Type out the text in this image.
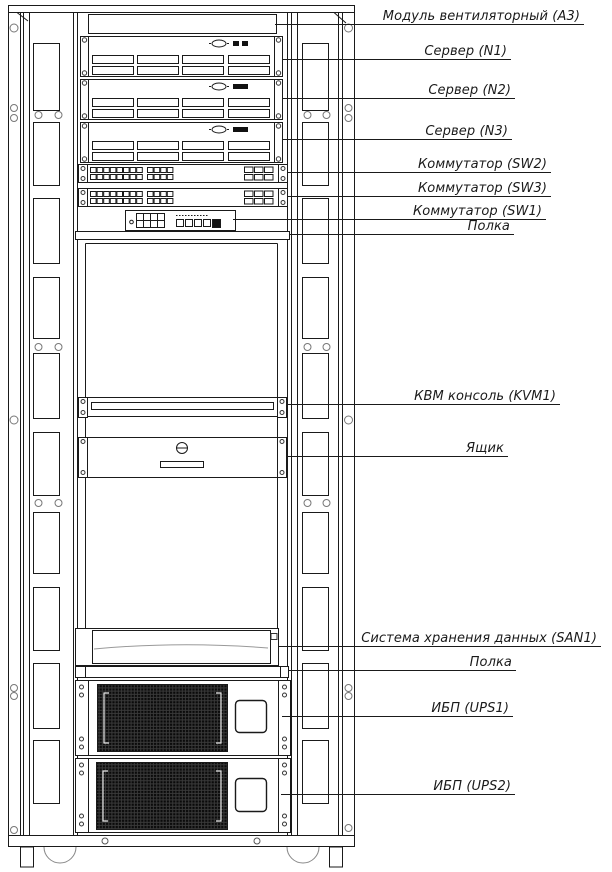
Модуль вентиляторный (А3)
Сервер (N1)
Сервер (N2)
Сервер (N3)
Коммутатор (SW2)
Коммутатор (SW3)
Коммутатор (SW1)
Полка
КВМ консоль (KVM1)
Ящик
Система хранения данных (SAN1)
Полка
ИБП (UPS1)
ИБП (UPS2)
